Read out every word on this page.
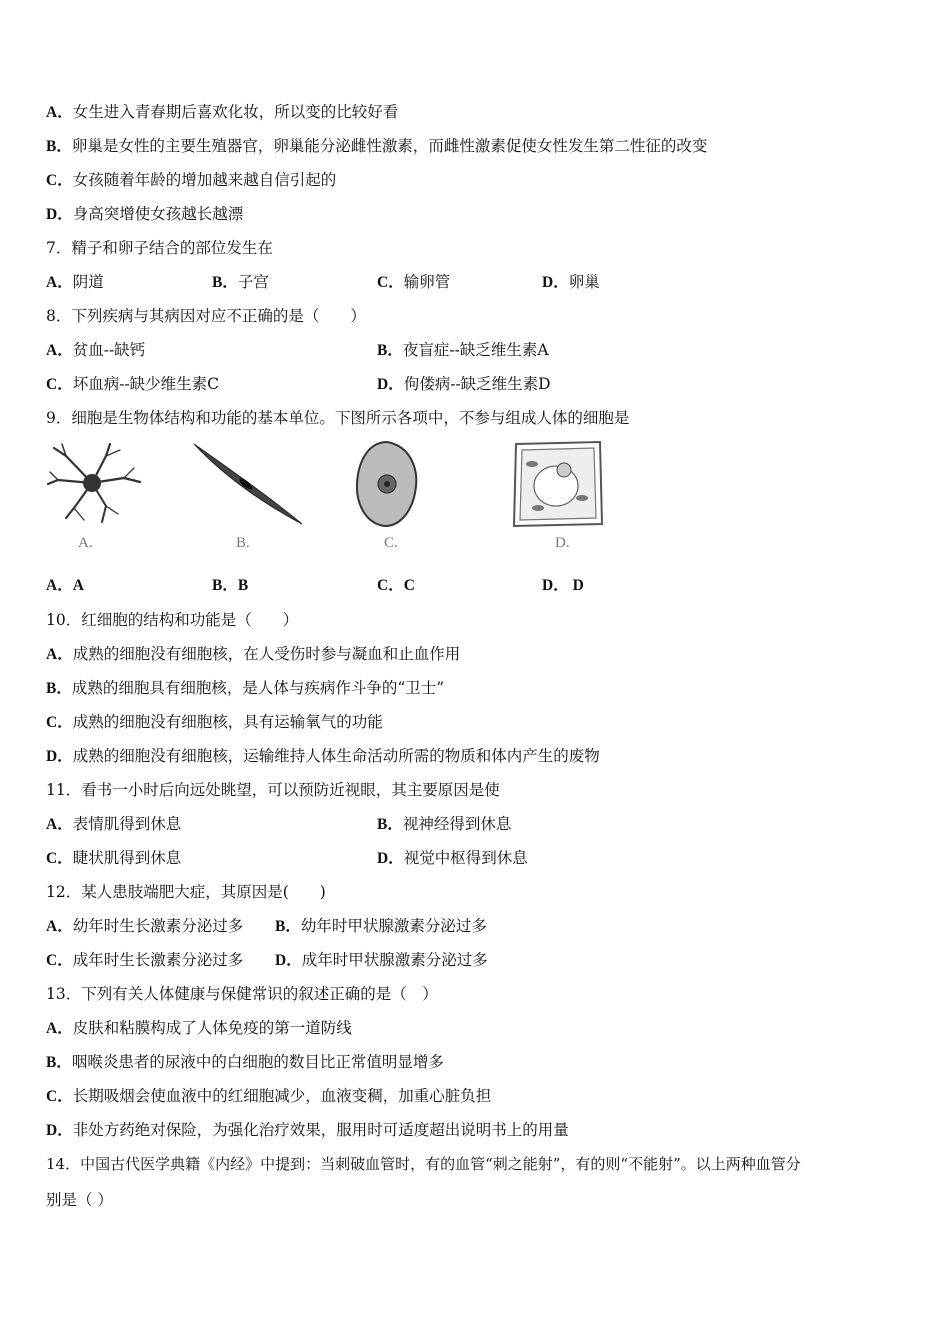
A．女生进入青春期后喜欢化妆，所以变的比较好看
B．卵巢是女性的主要生殖器官，卵巢能分泌雌性激素，而雌性激素促使女性发生第二性征的改变
C．女孩随着年龄的增加越来越自信引起的
D．身高突增使女孩越长越漂
7．精子和卵子结合的部位发生在
A．阴道	B．子宫	C．输卵管	D．卵巢
8．下列疾病与其病因对应不正确的是（　　）
A．贫血--缺钙	B．夜盲症--缺乏维生素A
C．坏血病--缺少维生素C	D．佝偻病--缺乏维生素D
9．细胞是生物体结构和功能的基本单位。下图所示各项中，不参与组成人体的细胞是
A.	B.	C.	D.
A．A	B．B	C．C	D． D
10．红细胞的结构和功能是（　　）
A．成熟的细胞没有细胞核，在人受伤时参与凝血和止血作用
B．成熟的细胞具有细胞核，是人体与疾病作斗争的“卫士”
C．成熟的细胞没有细胞核，具有运输氧气的功能
D．成熟的细胞没有细胞核，运输维持人体生命活动所需的物质和体内产生的废物
11．看书一小时后向远处眺望，可以预防近视眼，其主要原因是使
A．表情肌得到休息	B．视神经得到休息
C．睫状肌得到休息	D．视觉中枢得到休息
12．某人患肢端肥大症，其原因是(　　)
A．幼年时生长激素分泌过多 B．幼年时甲状腺激素分泌过多
C．成年时生长激素分泌过多 D．成年时甲状腺激素分泌过多
13．下列有关人体健康与保健常识的叙述正确的是（　）
A．皮肤和粘膜构成了人体免疫的第一道防线
B．咽喉炎患者的尿液中的白细胞的数目比正常值明显增多
C．长期吸烟会使血液中的红细胞减少，血液变稠，加重心脏负担
D．非处方药绝对保险，为强化治疗效果，服用时可适度超出说明书上的用量
14．中国古代医学典籍《内经》中提到：当刺破血管时，有的血管“刺之能射”，有的则“不能射”。以上两种血管分
别是（ ）
